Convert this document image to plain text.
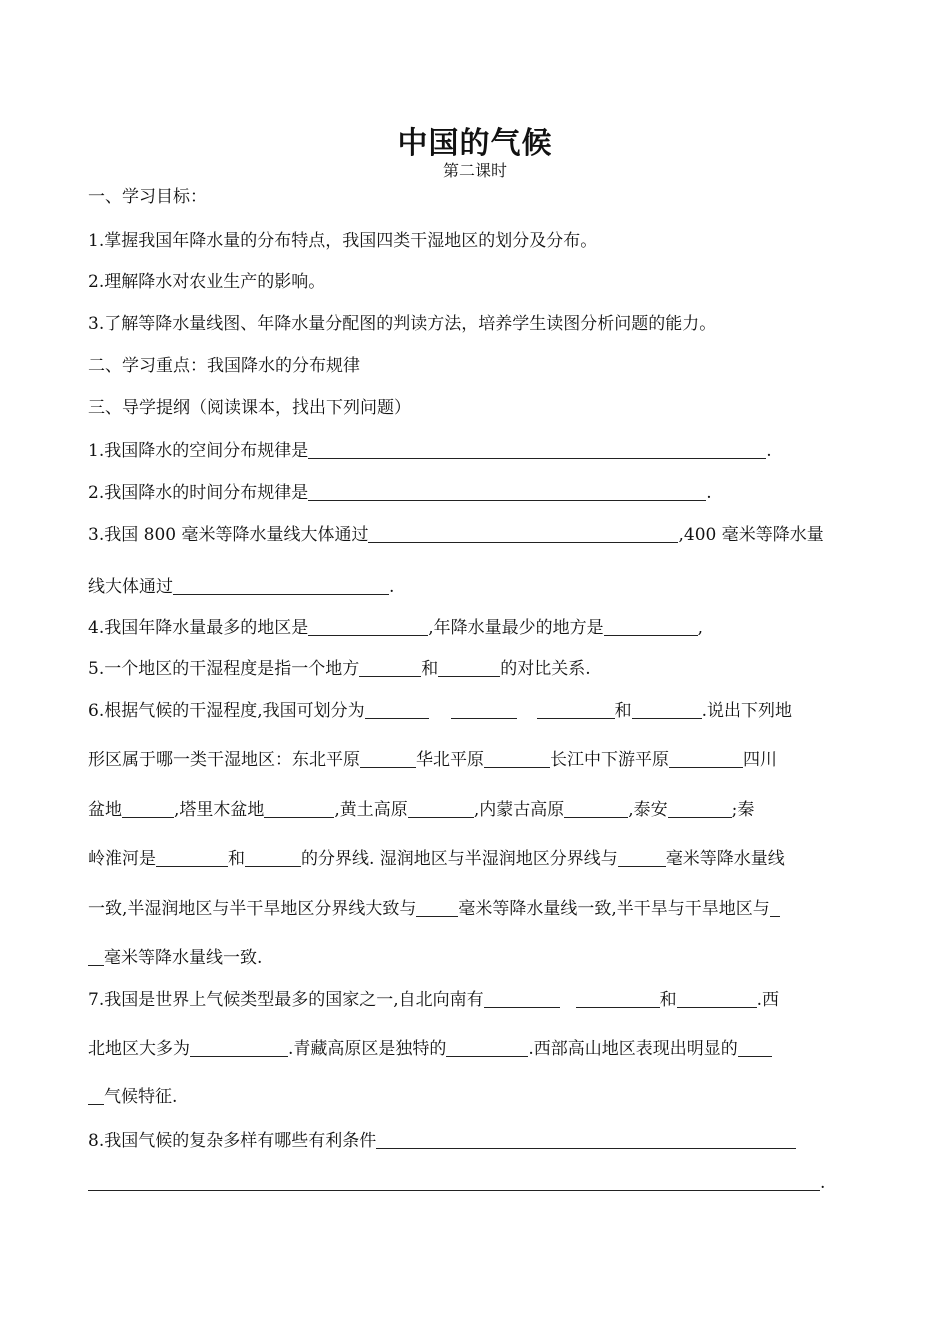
中国的气候
第二课时
一、学习目标：
1.掌握我国年降水量的分布特点，我国四类干湿地区的划分及分布。
2.理解降水对农业生产的影响。
3.了解等降水量线图、年降水量分配图的判读方法，培养学生读图分析问题的能力。
二、学习重点：我国降水的分布规律
三、导学提纲（阅读课本，找出下列问题）
1.我国降水的空间分布规律是	.
2.我国降水的时间分布规律是	.
3.我国 800 毫米等降水量线大体通过	,400 毫米等降水量
线大体通过	.
4.我国年降水量最多的地区是	,年降水量最少的地方是	,
5.一个地区的干湿程度是指一个地方	和	的对比关系.
6.根据气候的干湿程度,我国可划分为	和	.说出下列地
形区属于哪一类干湿地区：东北平原	华北平原	长江中下游平原	四川
盆地	,塔里木盆地	,黄土高原	,内蒙古高原	,泰安	;秦
岭淮河是	和	的分界线. 湿润地区与半湿润地区分界线与	毫米等降水量线
一致,半湿润地区与半干旱地区分界线大致与 毫米等降水量线一致,半干旱与干旱地区与
毫米等降水量线一致.
7.我国是世界上气候类型最多的国家之一,自北向南有	和	.西
北地区大多为	.青藏高原区是独特的	.西部高山地区表现出明显的
气候特征.
8.我国气候的复杂多样有哪些有利条件
.
